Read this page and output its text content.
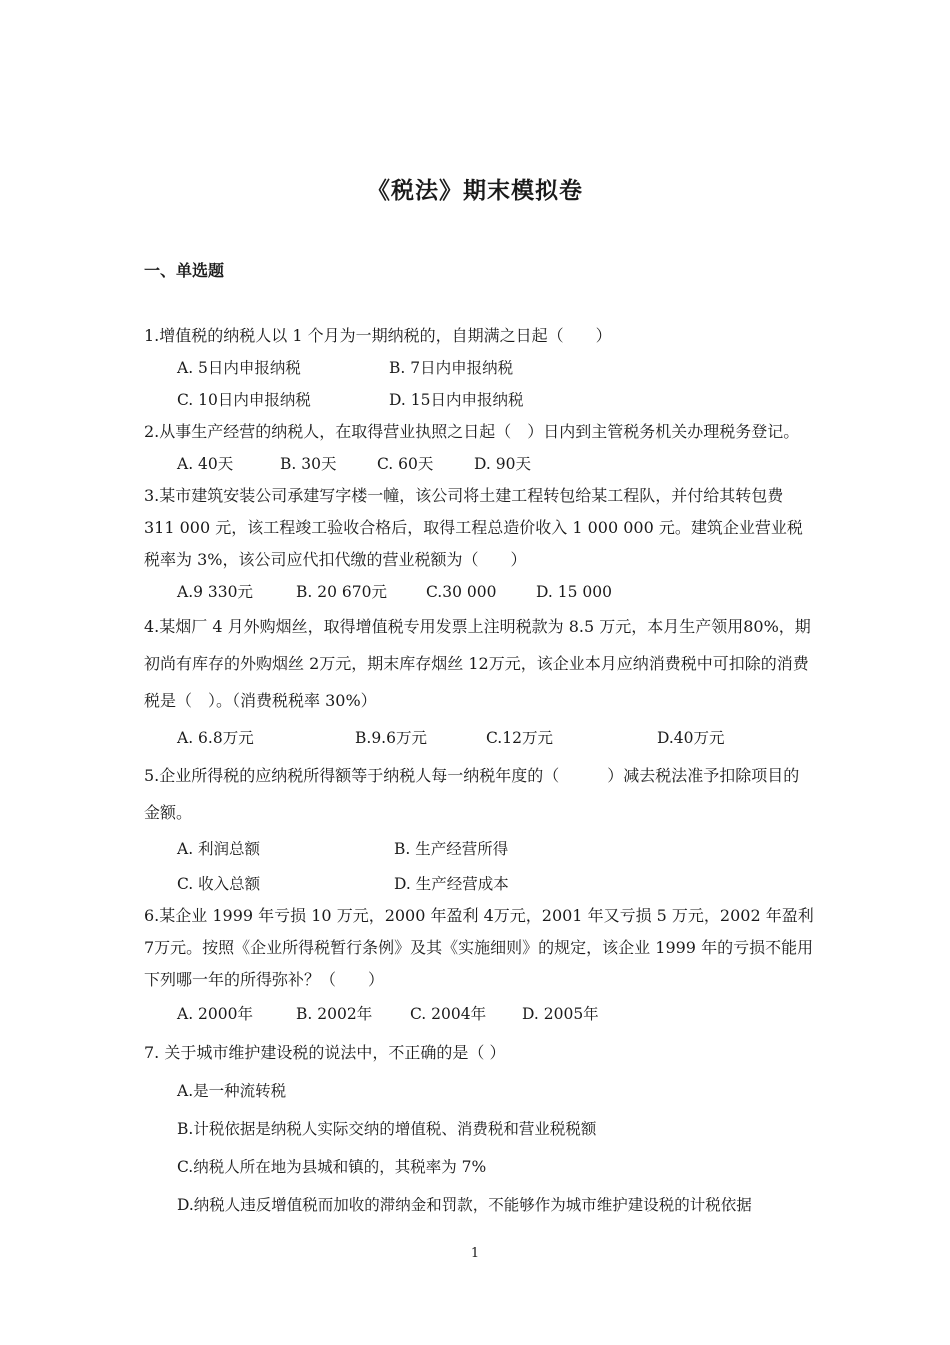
《税法》期末模拟卷
一、单选题
1.增值税的纳税人以 1 个月为一期纳税的，自期满之日起（　　）
A. 5日内申报纳税	B. 7日内申报纳税
C. 10日内申报纳税	D. 15日内申报纳税
2.从事生产经营的纳税人，在取得营业执照之日起（　）日内到主管税务机关办理税务登记。
A. 40天	B. 30天	C. 60天	D. 90天
3.某市建筑安装公司承建写字楼一幢，该公司将土建工程转包给某工程队，并付给其转包费 311 000 元，该工程竣工验收合格后，取得工程总造价收入 1 000 000 元。建筑企业营业税税率为 3%，该公司应代扣代缴的营业税额为（　　）
A.9 330元	B. 20 670元	C.30 000	D. 15 000
4.某烟厂 4 月外购烟丝，取得增值税专用发票上注明税款为 8.5 万元，本月生产领用80%，期初尚有库存的外购烟丝 2万元，期末库存烟丝 12万元，该企业本月应纳消费税中可扣除的消费税是（　）。（消费税税率 30%）
A. 6.8万元	B.9.6万元	C.12万元	D.40万元
5.企业所得税的应纳税所得额等于纳税人每一纳税年度的（　　　）减去税法准予扣除项目的金额。
A. 利润总额	B. 生产经营所得
C. 收入总额	D. 生产经营成本
6.某企业 1999 年亏损 10 万元，2000 年盈利 4万元，2001 年又亏损 5 万元，2002 年盈利 7万元。按照《企业所得税暂行条例》及其《实施细则》的规定，该企业 1999 年的亏损不能用下列哪一年的所得弥补？（　　）
A. 2000年	B. 2002年 C. 2004年 D. 2005年
7. 关于城市维护建设税的说法中，不正确的是（ ）
A.是一种流转税
B.计税依据是纳税人实际交纳的增值税、消费税和营业税税额
C.纳税人所在地为县城和镇的，其税率为 7%
D.纳税人违反增值税而加收的滞纳金和罚款，不能够作为城市维护建设税的计税依据
1
